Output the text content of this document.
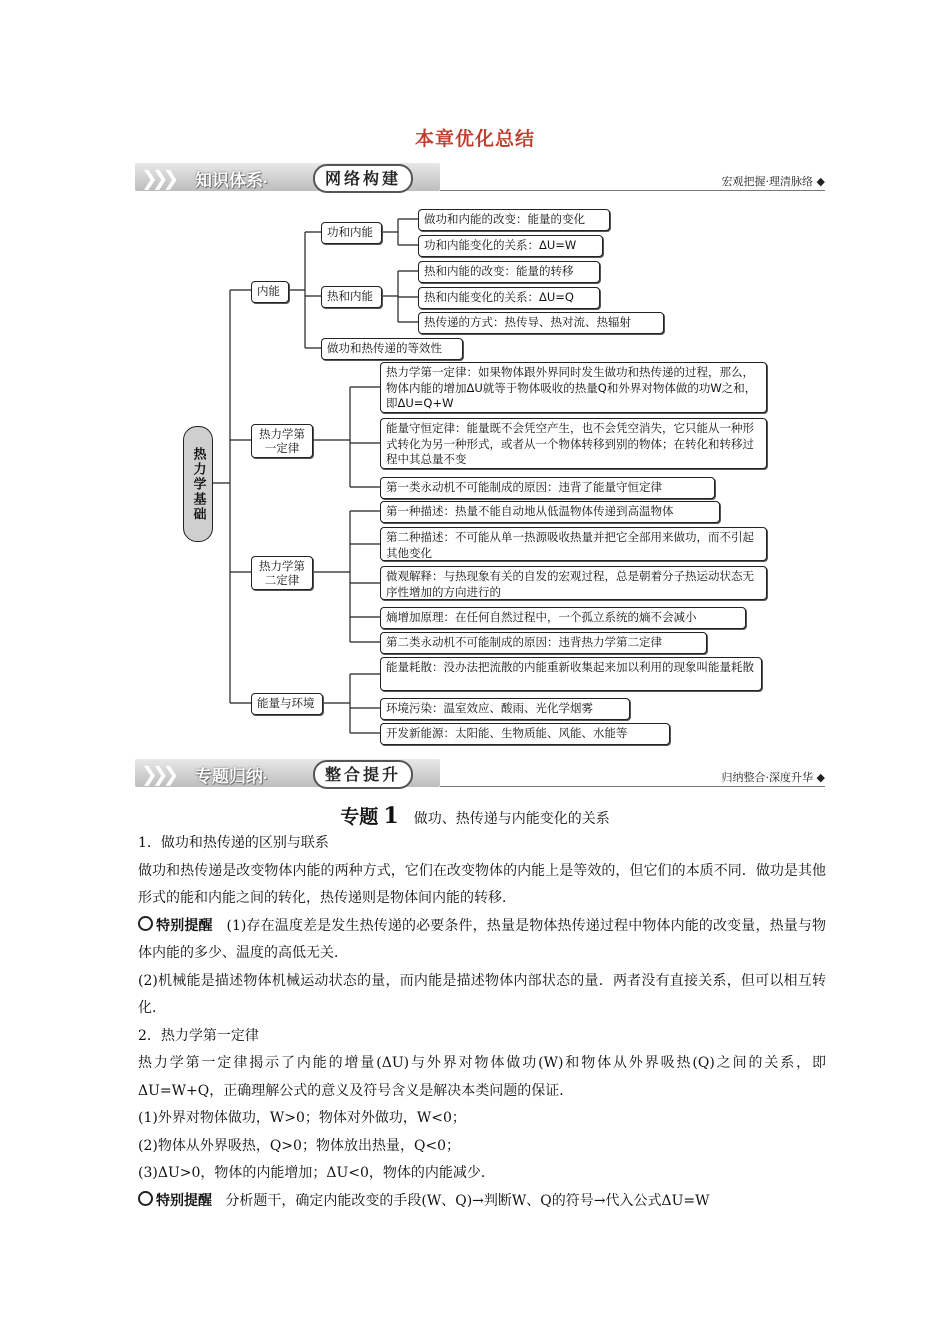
本章优化总结
❯❯❯ 知识体系·	网络构建	宏观把握·理清脉络 ◆
热力学基础
内能
功和内能
做功和内能的改变：能量的变化
功和内能变化的关系：ΔU=W
热和内能
热和内能的改变：能量的转移
热和内能变化的关系：ΔU=Q
热传递的方式：热传导、热对流、热辐射
做功和热传递的等效性
热力学第一定律
热力学第一定律：如果物体跟外界同时发生做功和热传递的过程，那么，物体内能的增加ΔU就等于物体吸收的热量Q和外界对物体做的功W之和，即ΔU=Q+W
能量守恒定律：能量既不会凭空产生，也不会凭空消失，它只能从一种形式转化为另一种形式，或者从一个物体转移到别的物体；在转化和转移过程中其总量不变
第一类永动机不可能制成的原因：违背了能量守恒定律
热力学第二定律
第一种描述：热量不能自动地从低温物体传递到高温物体
第二种描述：不可能从单一热源吸收热量并把它全部用来做功，而不引起其他变化
微观解释：与热现象有关的自发的宏观过程，总是朝着分子热运动状态无序性增加的方向进行的
熵增加原理：在任何自然过程中，一个孤立系统的熵不会减小
第二类永动机不可能制成的原因：违背热力学第二定律
能量与环境
能量耗散：没办法把流散的内能重新收集起来加以利用的现象叫能量耗散
环境污染：温室效应、酸雨、光化学烟雾
开发新能源：太阳能、生物质能、风能、水能等
❯❯❯ 专题归纳·	整合提升	归纳整合·深度升华 ◆
专题 1 做功、热传递与内能变化的关系

1．做功和热传递的区别与联系

做功和热传递是改变物体内能的两种方式，它们在改变物体的内能上是等效的，但它们的本质不同．做功是其他形式的能和内能之间的转化，热传递则是物体间内能的转移．

特别提醒 (1)存在温度差是发生热传递的必要条件，热量是物体热传递过程中物体内能的改变量，热量与物体内能的多少、温度的高低无关．

(2)机械能是描述物体机械运动状态的量，而内能是描述物体内部状态的量．两者没有直接关系，但可以相互转化．

2．热力学第一定律

热力学第一定律揭示了内能的增量(ΔU)与外界对物体做功(W)和物体从外界吸热(Q)之间的关系，即ΔU=W+Q，正确理解公式的意义及符号含义是解决本类问题的保证．

(1)外界对物体做功，W>0；物体对外做功，W<0；

(2)物体从外界吸热，Q>0；物体放出热量，Q<0；

(3)ΔU>0，物体的内能增加；ΔU<0，物体的内能减少．

特别提醒 分析题干，确定内能改变的手段(W、Q)→判断W、Q的符号→代入公式ΔU=W
